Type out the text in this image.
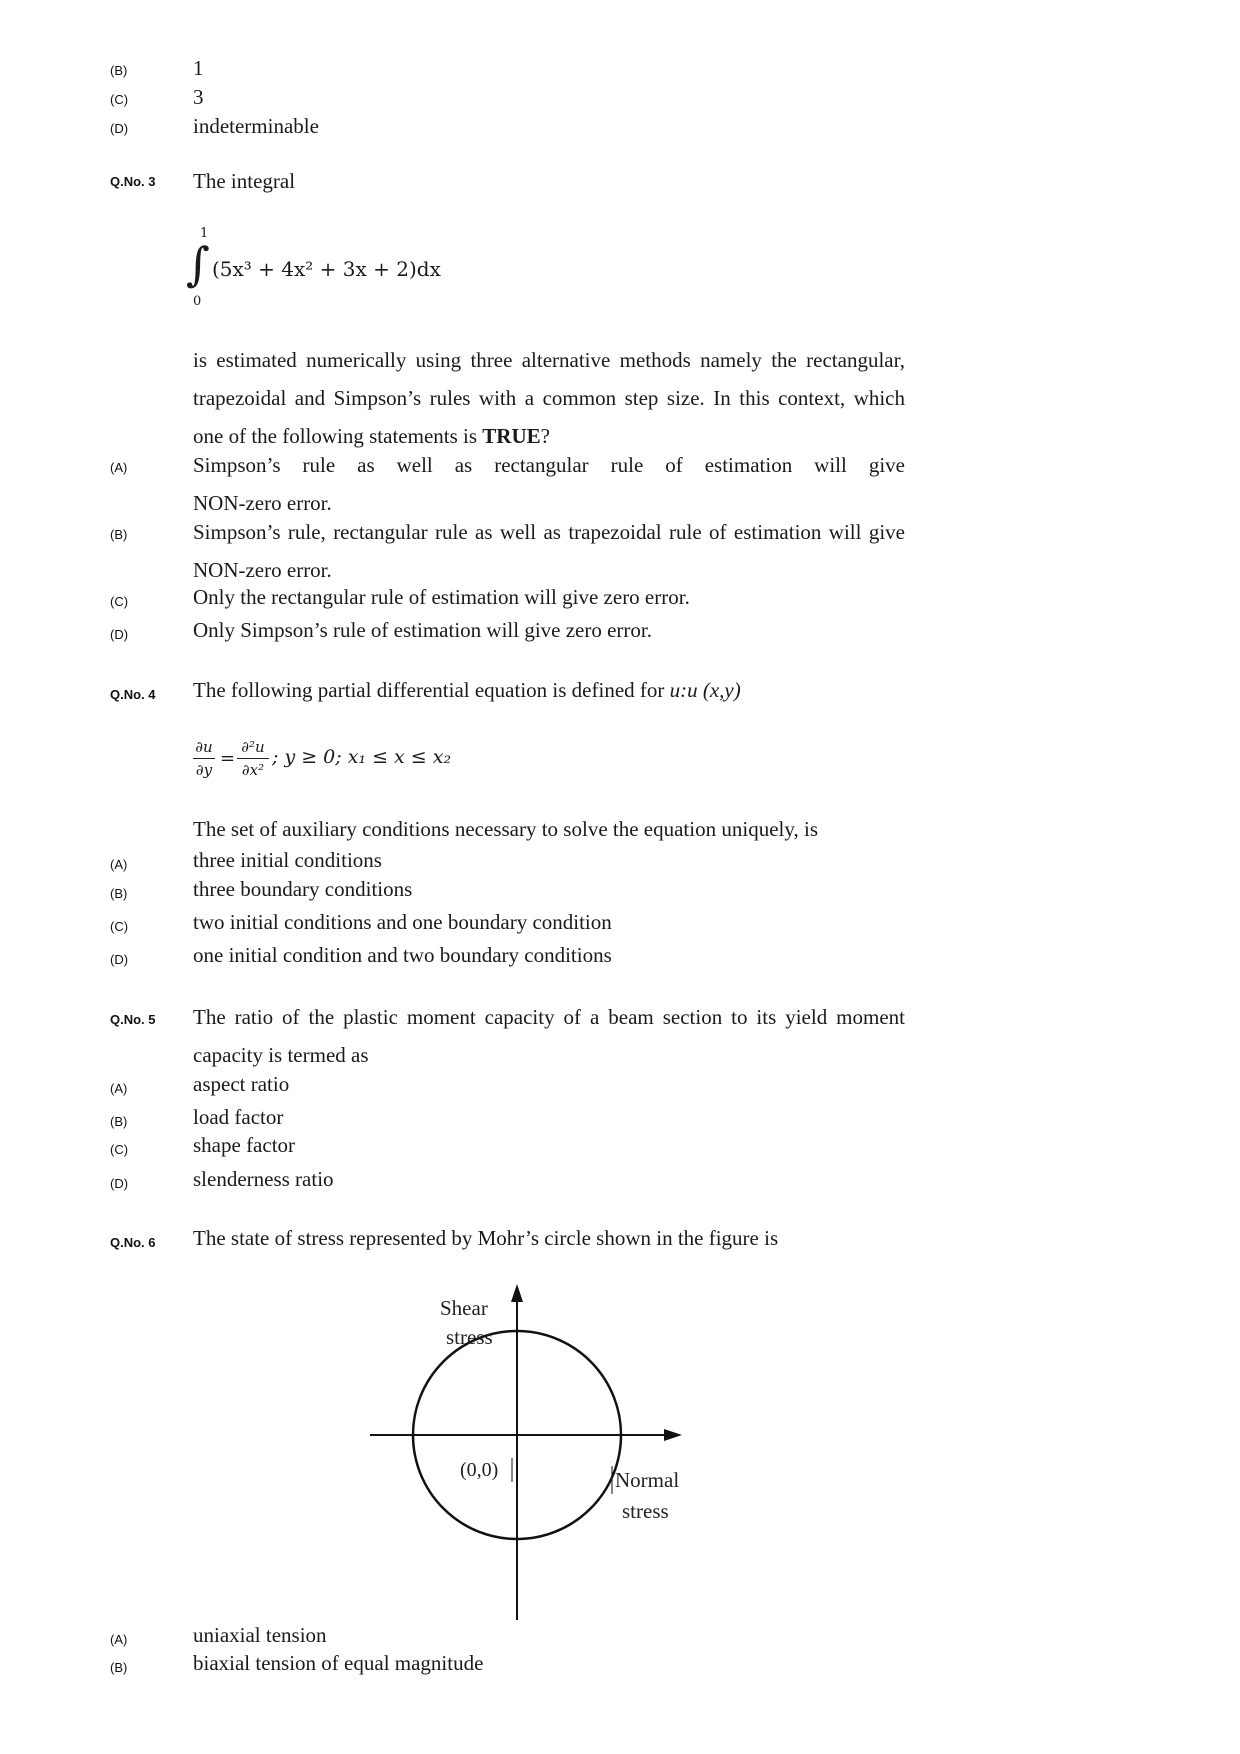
(B)	1
(C)	3
(D)	indeterminable
Q.No. 3 The integral
1
∫ (5x³ + 4x² + 3x + 2)dx
0
is estimated numerically using three alternative methods namely the rectangular,
trapezoidal and Simpson’s rules with a common step size. In this context, which
one of the following statements is TRUE?
(A)	Simpson’s rule as well as rectangular rule of estimation will give
NON-zero error.
(B)	Simpson’s rule, rectangular rule as well as trapezoidal rule of estimation will give
NON-zero error.
(C)	Only the rectangular rule of estimation will give zero error.
(D)	Only Simpson’s rule of estimation will give zero error.
Q.No. 4 The following partial differential equation is defined for u:u (x,y)
∂u
∂y
=
∂²u
∂x²
; y ≥ 0; x₁ ≤ x ≤ x₂
The set of auxiliary conditions necessary to solve the equation uniquely, is
(A)	three initial conditions
(B)	three boundary conditions
(C)	two initial conditions and one boundary condition
(D)	one initial condition and two boundary conditions
Q.No. 5 The ratio of the plastic moment capacity of a beam section to its yield moment
capacity is termed as
(A)	aspect ratio
(B)	load factor
(C)	shape factor
(D)	slenderness ratio
Q.No. 6 The state of stress represented by Mohr’s circle shown in the figure is
Shear
stress
Normal
stress
(0,0)
(A)	uniaxial tension
(B)	biaxial tension of equal magnitude
